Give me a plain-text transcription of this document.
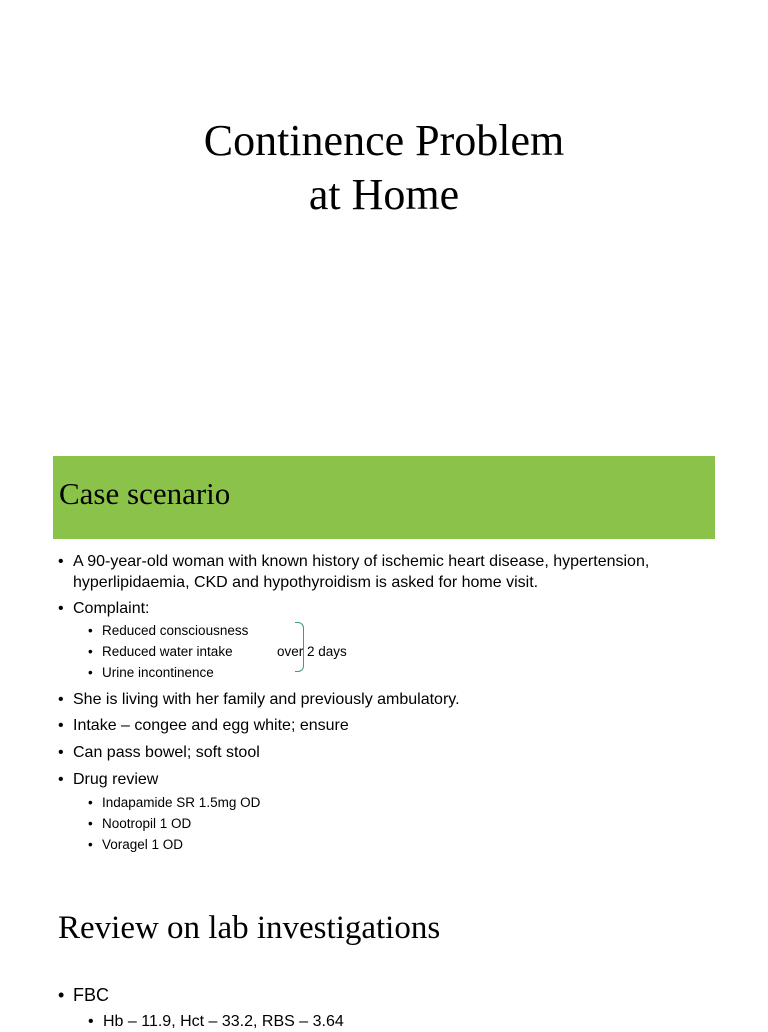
Continence Problem
at Home
Case scenario
• A 90-year-old woman with known history of ischemic heart disease, hypertension,
hyperlipidaemia, CKD and hypothyroidism is asked for home visit.
• Complaint:
• Reduced consciousness
• Reduced water intake
• Urine incontinence
over 2 days
• She is living with her family and previously ambulatory.
• Intake – congee and egg white; ensure
• Can pass bowel; soft stool
• Drug review
• Indapamide SR 1.5mg OD
• Nootropil 1 OD
• Voragel 1 OD
Review on lab investigations
• FBC
• Hb – 11.9, Hct – 33.2, RBS – 3.64
